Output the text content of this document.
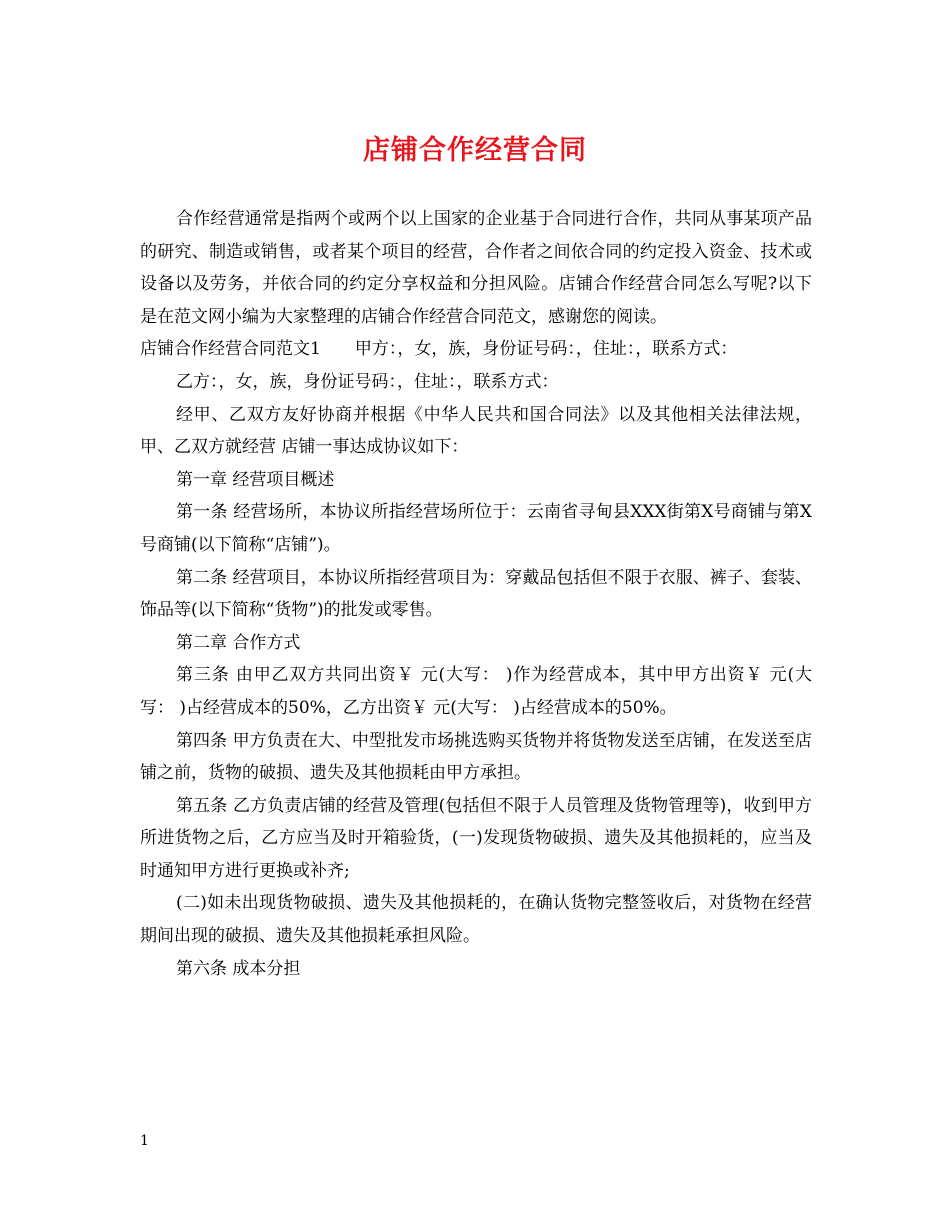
店铺合作经营合同

合作经营通常是指两个或两个以上国家的企业基于合同进行合作，共同从事某项产品的研究、制造或销售，或者某个项目的经营，合作者之间依合同的约定投入资金、技术或设备以及劳务，并依合同的约定分享权益和分担风险。店铺合作经营合同怎么写呢?以下是在范文网小编为大家整理的店铺合作经营合同范文，感谢您的阅读。

店铺合作经营合同范文1　　甲方：，女，族，身份证号码：，住址：，联系方式：

乙方：，女，族，身份证号码：，住址：，联系方式：

经甲、乙双方友好协商并根据《中华人民共和国合同法》以及其他相关法律法规，甲、乙双方就经营 店铺一事达成协议如下：

第一章 经营项目概述

第一条 经营场所，本协议所指经营场所位于：云南省寻甸县XXX街第X号商铺与第X号商铺(以下简称“店铺”)。

第二条 经营项目，本协议所指经营项目为：穿戴品包括但不限于衣服、裤子、套装、饰品等(以下简称“货物”)的批发或零售。

第二章 合作方式

第三条 由甲乙双方共同出资￥ 元(大写： )作为经营成本，其中甲方出资￥ 元(大写： )占经营成本的50%，乙方出资￥ 元(大写： )占经营成本的50%。

第四条 甲方负责在大、中型批发市场挑选购买货物并将货物发送至店铺，在发送至店铺之前，货物的破损、遗失及其他损耗由甲方承担。

第五条 乙方负责店铺的经营及管理(包括但不限于人员管理及货物管理等)，收到甲方所进货物之后，乙方应当及时开箱验货，(一)发现货物破损、遗失及其他损耗的，应当及时通知甲方进行更换或补齐;

(二)如未出现货物破损、遗失及其他损耗的，在确认货物完整签收后，对货物在经营期间出现的破损、遗失及其他损耗承担风险。

第六条 成本分担

1
